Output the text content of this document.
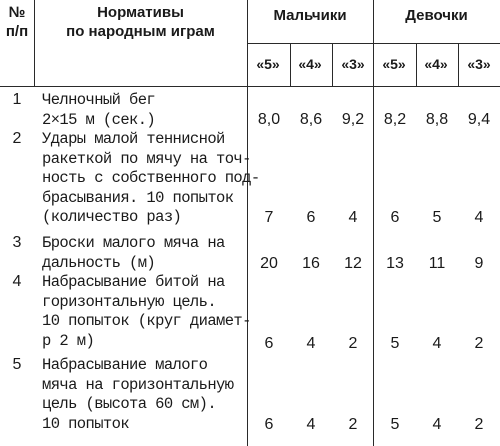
№
п/п
Нормативы
по народным играм
Мальчики	Девочки
«5»	«4»	«3»	«5»	«4»	«3»
1	Челночный бег
2×15 м (сек.)	8,0	8,6	9,2	8,2	8,8	9,4
2	Удары малой теннисной
ракеткой по мячу на точ-
ность с собственного под-
брасывания. 10 попыток
(количество раз)	7	6	4	6	5	4
3	Броски малого мяча на
дальность (м)	20	16	12	13	11	9
4	Набрасывание битой на
горизонтальную цель.
10 попыток (круг диамет-
р 2 м)	6	4	2	5	4	2
5	Набрасывание малого
мяча на горизонтальную
цель (высота 60 см).
10 попыток	6	4	2	5	4	2
